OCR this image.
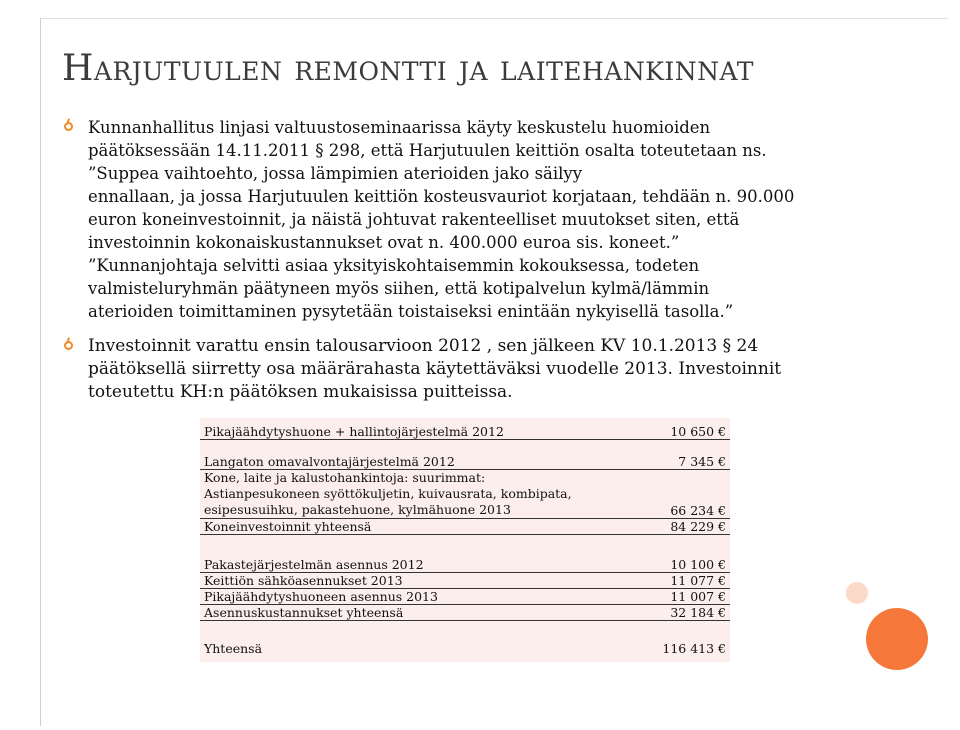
Harjutuulen remontti ja laitehankinnat
Kunnanhallitus linjasi valtuustoseminaarissa käyty keskustelu huomioiden
päätöksessään 14.11.2011 § 298, että Harjutuulen keittiön osalta toteutetaan ns.
”Suppea vaihtoehto, jossa lämpimien aterioiden jako säilyy
ennallaan, ja jossa Harjutuulen keittiön kosteusvauriot korjataan, tehdään n. 90.000
euron koneinvestoinnit, ja näistä johtuvat rakenteelliset muutokset siten, että
investoinnin kokonaiskustannukset ovat n. 400.000 euroa sis. koneet.”
”Kunnanjohtaja selvitti asiaa yksityiskohtaisemmin kokouksessa, todeten
valmisteluryhmän päätyneen myös siihen, että kotipalvelun kylmä/lämmin
aterioiden toimittaminen pysytetään toistaiseksi enintään nykyisellä tasolla.”
Investoinnit varattu ensin talousarvioon 2012 , sen jälkeen KV 10.1.2013 § 24
päätöksellä siirretty osa määrärahasta käytettäväksi vuodelle 2013. Investoinnit
toteutettu KH:n päätöksen mukaisissa puitteissa.
Pikajäähdytyshuone + hallintojärjestelmä 2012	10 650 €
Langaton omavalvontajärjestelmä 2012	7 345 €
Kone, laite ja kalustohankintoja: suurimmat:
Astianpesukoneen syöttökuljetin, kuivausrata, kombipata,
esipesusuihku, pakastehuone, kylmähuone 2013	66 234 €
Koneinvestoinnit yhteensä	84 229 €
Pakastejärjestelmän asennus 2012	10 100 €
Keittiön sähköasennukset 2013	11 077 €
Pikajäähdytyshuoneen asennus 2013	11 007 €
Asennuskustannukset yhteensä	32 184 €
Yhteensä	116 413 €
